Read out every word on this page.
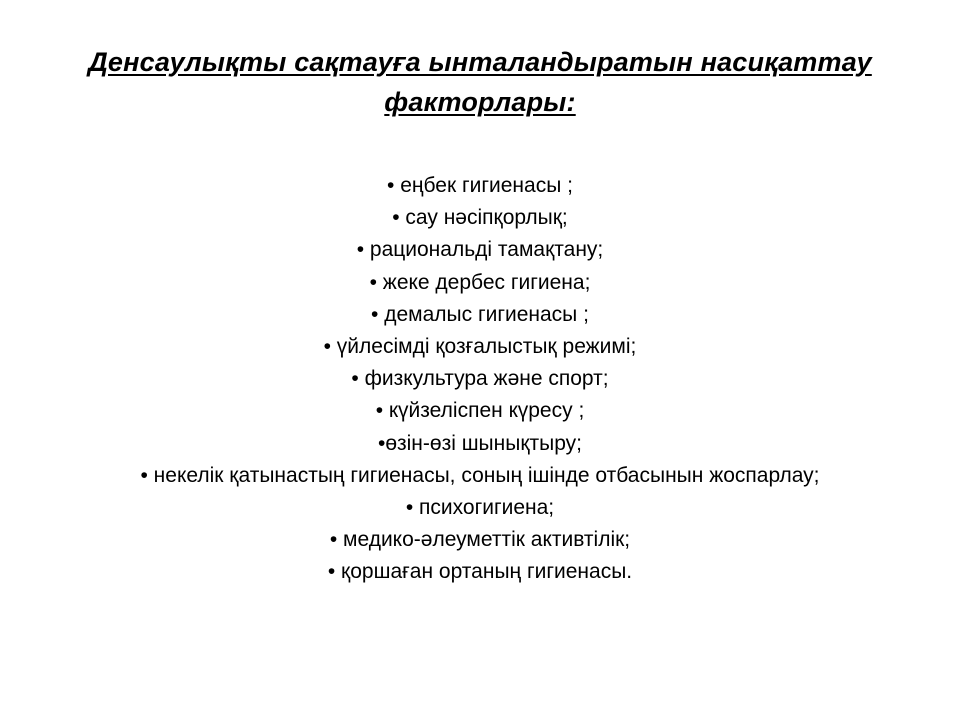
Денсаулықты сақтауға ынталандыратын насиқаттау
факторлары:
• еңбек гигиенасы ;
• сау нәсіпқорлық;
• рациональді тамақтану;
• жеке дербес гигиена;
• демалыс гигиенасы ;
• үйлесімді қозғалыстық режимі;
• физкультура және спорт;
• күйзеліспен күресу ;
•өзін-өзі шынықтыру;
• некелік қатынастың гигиенасы, соның ішінде отбасынын жоспарлау;
• психогигиена;
• медико-әлеуметтік активтілік;
• қоршаған ортаның гигиенасы.
